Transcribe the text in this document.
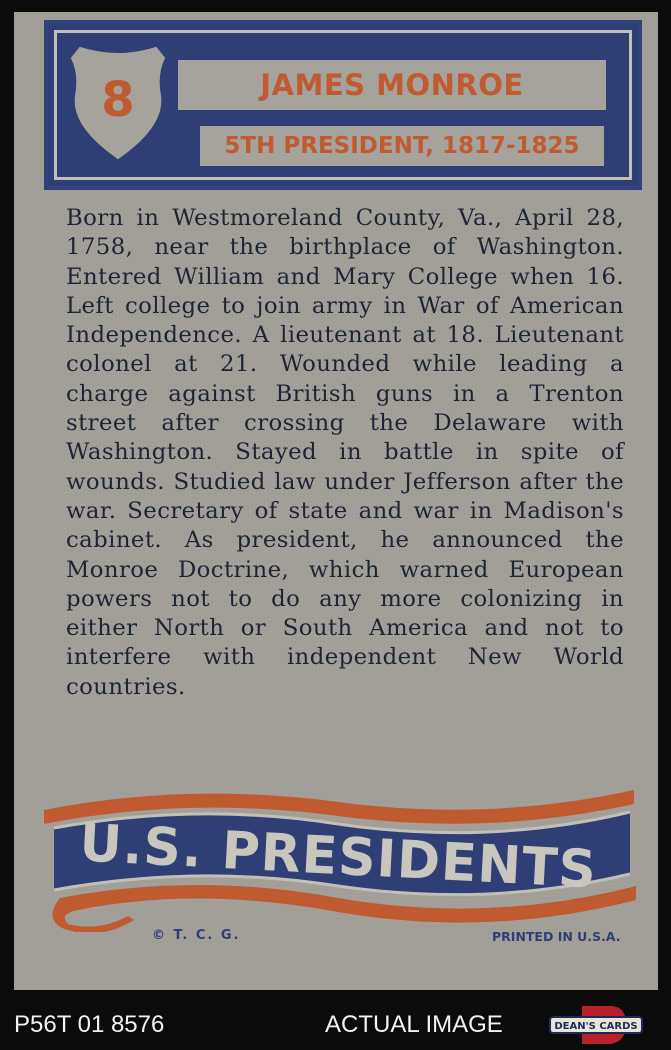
8	JAMES MONROE
5TH PRESIDENT, 1817-1825

Born in Westmoreland County, Va., April 28, 1758, near the birthplace of Washington. Entered William and Mary College when 16. Left college to join army in War of American Independence. A lieutenant at 18. Lieutenant colonel at 21. Wounded while leading a charge against British guns in a Trenton street after crossing the Delaware with Washington. Stayed in battle in spite of wounds. Studied law under Jefferson after the war. Secretary of state and war in Madison's cabinet. As president, he announced the Monroe Doctrine, which warned European powers not to do any more colonizing in either North or South America and not to interfere with independent New World countries.

U.S. PRESIDENTS
© T. C. G.	PRINTED IN U.S.A.
P56T 01 8576	ACTUAL IMAGE	DEAN'S CARDS
